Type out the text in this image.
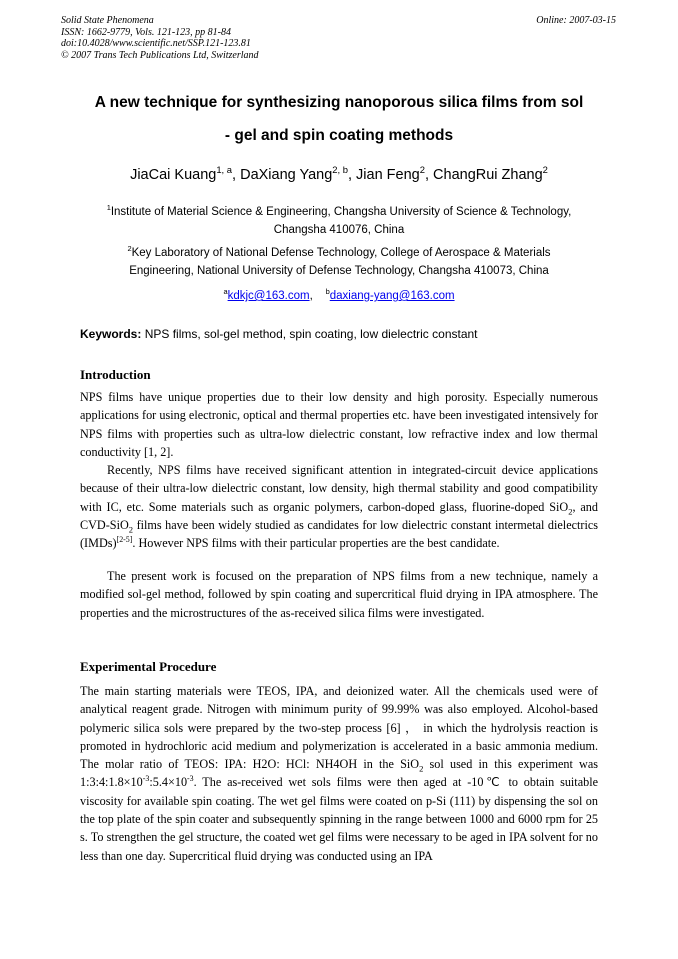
Solid State Phenomena
ISSN: 1662-9779, Vols. 121-123, pp 81-84
doi:10.4028/www.scientific.net/SSP.121-123.81
© 2007 Trans Tech Publications Ltd, Switzerland
Online: 2007-03-15
A new technique for synthesizing nanoporous silica films from sol
- gel and spin coating methods
JiaCai Kuang$^{1, a}$, DaXiang Yang$^{2, b}$, Jian Feng$^2$, ChangRui Zhang$^2$
$^1$Institute of Material Science & Engineering, Changsha University of Science & Technology,
Changsha 410076, China
$^2$Key Laboratory of National Defense Technology, College of Aerospace & Materials
Engineering, National University of Defense Technology, Changsha 410073, China
$^a$kdkjc@163.com,    $^b$daxiang-yang@163.com
Keywords: NPS films, sol-gel method, spin coating, low dielectric constant
Introduction

NPS films have unique properties due to their low density and high porosity. Especially numerous applications for using electronic, optical and thermal properties etc. have been investigated intensively for NPS films with properties such as ultra-low dielectric constant, low refractive index and low thermal conductivity [1, 2].

Recently, NPS films have received significant attention in integrated-circuit device applications because of their ultra-low dielectric constant, low density, high thermal stability and good compatibility with IC, etc. Some materials such as organic polymers, carbon-doped glass, fluorine-doped SiO$_2$, and CVD-SiO$_2$ films have been widely studied as candidates for low dielectric constant intermetal dielectrics (IMDs)[2-5]. However NPS films with their particular properties are the best candidate.

The present work is focused on the preparation of NPS films from a new technique, namely a modified sol-gel method, followed by spin coating and supercritical fluid drying in IPA atmosphere. The properties and the microstructures of the as-received silica films were investigated.

Experimental Procedure

The main starting materials were TEOS, IPA, and deionized water. All the chemicals used were of analytical reagent grade. Nitrogen with minimum purity of 99.99% was also employed. Alcohol-based polymeric silica sols were prepared by the two-step process [6] ， in which the hydrolysis reaction is promoted in hydrochloric acid medium and polymerization is accelerated in a basic ammonia medium. The molar ratio of TEOS: IPA: H2O: HCl: NH4OH in the SiO$_2$ sol used in this experiment was $1:3:4:1.8\times 10^{-3}:5.4\times 10^{-3}$. The as-received wet sols films were then aged at -10℃ to obtain suitable viscosity for available spin coating. The wet gel films were coated on p-Si (111) by dispensing the sol on the top plate of the spin coater and subsequently spinning in the range between 1000 and 6000 rpm for 25 s. To strengthen the gel structure, the coated wet gel films were necessary to be aged in IPA solvent for no less than one day. Supercritical fluid drying was conducted using an IPA
